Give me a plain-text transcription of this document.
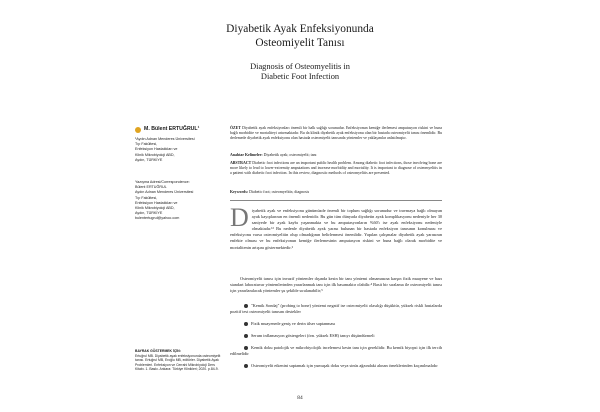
Diyabetik Ayak Enfeksiyonunda
Osteomiyelit Tanısı
Diagnosis of Osteomyelitis in
Diabetic Foot Infection
M. Bülent ERTUĞRUL¹
¹Aydın Adnan Menderes Üniversitesi
Tıp Fakültesi,
Enfeksiyon Hastalıkları ve
Klinik Mikrobiyoloji ABD,
Aydın, TÜRKİYE
Yazışma Adresi/Correspondence:
Bülent ERTUĞRUL
Aydın Adnan Menderes Üniversitesi
Tıp Fakültesi,
Enfeksiyon Hastalıkları ve
Klinik Mikrobiyoloji ABD,
Aydın, TÜRKİYE
bulentertugrul@yahoo.com
BAYRAK GÖSTERMEK İÇİN:
Ertuğrul MB. Diyabetik ayak enfeksiyonunda osteomiyelit tanısı. Ertuğrul MB, Eroğlu MB, editörler. Diyabetik Ayak Problemleri. Enfeksiyon ve Cerrahi Mikrobiyoloji Ders Kitabı. 1. Baskı. Ankara: Türkiye Klinikleri; 2020. p.84-9.
ÖZET Diyabetik ayak enfeksiyonları önemli bir halk sağlığı sorunudur. Enfeksiyonun kemiğe ilerlemesi amputasyon riskini ve buna bağlı morbidite ve mortaliteyi artırmaktadır. Bu da klinik diyabetik ayak enfeksiyonu olan bir hastada osteomiyelit tanısı önemlidir. Bu derlemede diyabetik ayak enfeksiyonu olan hastada osteomiyelit tanısında yöntemler ve yaklaşımlar anlatılmıştır.
Anahtar Kelimeler: Diyabetik ayak; osteomiyelit; tanı
ABSTRACT Diabetic foot infections are an important public health problem. Among diabetic foot infections, those involving bone are more likely to lead to lower-extremity amputations and increase morbidity and mortality. It is important to diagnose of osteomyelitis in a patient with diabetic foot infection. In this review, diagnostic methods of osteomyelitis are presented.
Keywords: Diabetic foot; osteomyelitis; diagnosis
D iyabetik ayak ve enfeksiyonu günümüzde önemli bir toplum sağlığı sorunudur ve travmaya bağlı olmayan ayak kayıplarının en önemli nedenidir. Bu gün tüm dünyada diyabetin ayak komplikasyonu nedeniyle her 30 saniyede bir ayak kaybı yaşanmakta ve bu amputasyonların %60'ı ise ayak enfeksiyonu nedeniyle olmaktadır.¹² Bu nedenle diyabetik ayak yarası bulunan bir hastada enfeksiyon tanısının konulması ve enfeksiyonu varsa osteomiyelitin olup olmadığının belirlenmesi önemlidir. Yapılan çalışmalar diyabetik ayak yarasının enfekte olması ve bu enfeksiyonun kemiğe ilerlemesinin amputasyon riskini ve buna bağlı olarak morbidite ve mortalitenin artışını göstermektedir.³
Osteomiyelit tanısı için invazif yöntemler dışında kesin bir tanı yöntemi olmamasına karşın fizik muayene ve bazı standart laboratuvar yöntemlerinden yararlanmak tanı için ilk basamaktır olabilir.⁴ Basit bir sıralama ile osteomiyelit tanısı için yararlanılacak yöntemler şu şekilde sıralanabilir;⁵
"Kemik Sondaj" (probing to bone) yöntemi negatif ise osteomiyelit olasılığı düşüktür, yüksek riskli hastalarda pozitif test osteomiyelit tanısını destekler
Fizik muayenede geniş ve derin ülser saptanması
Serum inflamasyon göstergeleri (örn. yüksek ESH) tanıyı düşündürmeli
Kemik doku patolojik ve mikrobiyolojik incelemesi kesin tanı için gereklidir. Bu kemik biyopsi için ilk tercih edilmelidir
Osteomiyelit etkenini saptamak için yumuşak doku veya sinüs ağzındaki alınan örneklerinden kaçınılmalıdır
84
